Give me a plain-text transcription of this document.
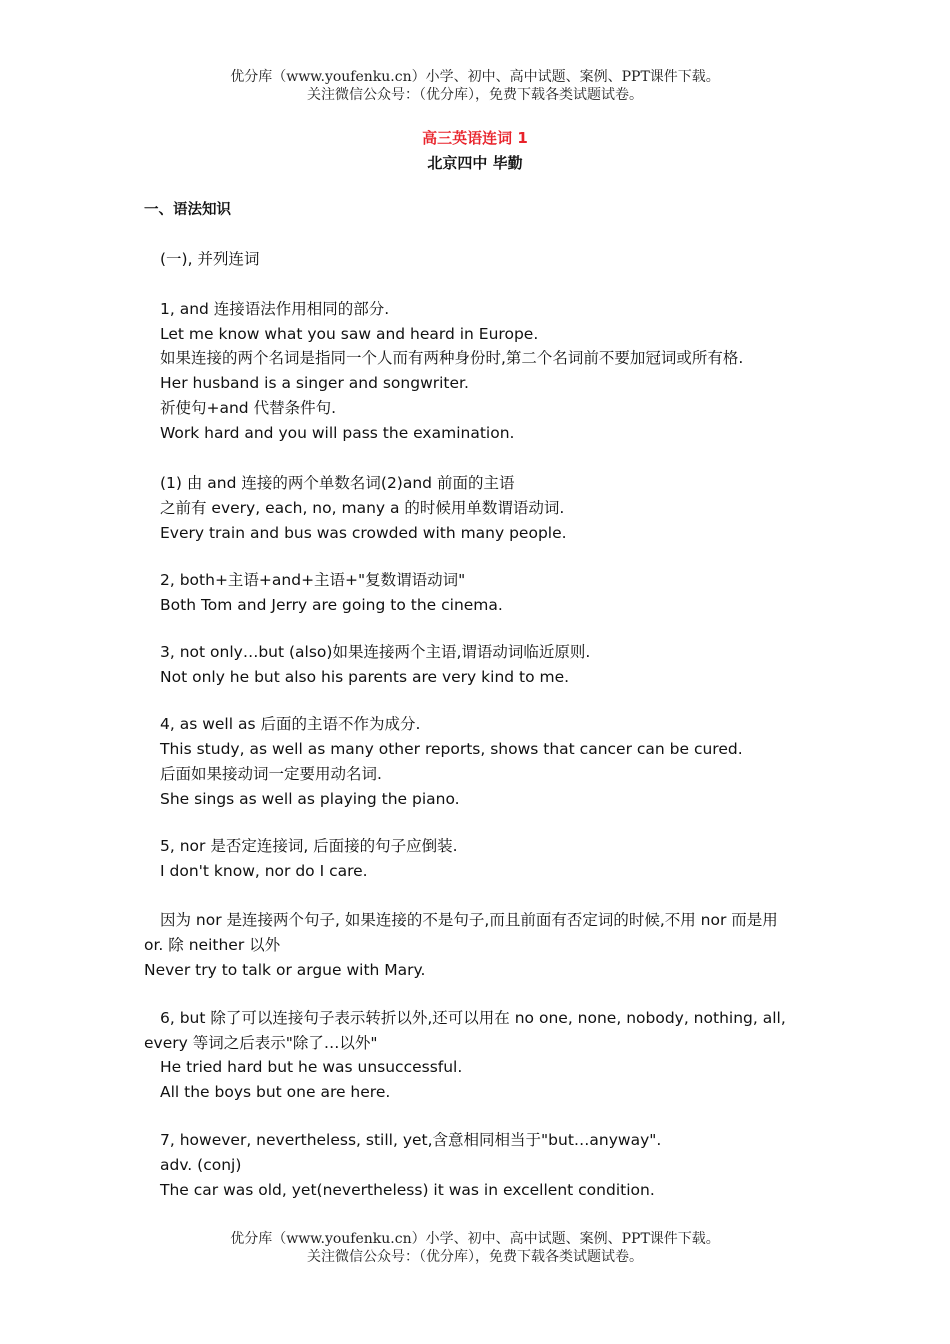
优分库（www.youfenku.cn）小学、初中、高中试题、案例、PPT课件下载。
关注微信公众号：（优分库），免费下载各类试题试卷。
高三英语连词 1
北京四中 毕勤
一、语法知识
(一), 并列连词
1, and 连接语法作用相同的部分.
Let me know what you saw and heard in Europe.
如果连接的两个名词是指同一个人而有两种身份时,第二个名词前不要加冠词或所有格.
Her husband is a singer and songwriter.
祈使句+and 代替条件句.
Work hard and you will pass the examination.
(1) 由 and 连接的两个单数名词(2)and 前面的主语
之前有 every, each, no, many a 的时候用单数谓语动词.
Every train and bus was crowded with many people.
2, both+主语+and+主语+"复数谓语动词"
Both Tom and Jerry are going to the cinema.
3, not only…but (also)如果连接两个主语,谓语动词临近原则.
Not only he but also his parents are very kind to me.
4, as well as 后面的主语不作为成分.
This study, as well as many other reports, shows that cancer can be cured.
后面如果接动词一定要用动名词.
She sings as well as playing the piano.
5, nor 是否定连接词, 后面接的句子应倒装.
I don't know, nor do I care.
因为 nor 是连接两个句子, 如果连接的不是句子,而且前面有否定词的时候,不用 nor 而是用
or. 除 neither 以外
Never try to talk or argue with Mary.
6, but 除了可以连接句子表示转折以外,还可以用在 no one, none, nobody, nothing, all,
every 等词之后表示"除了…以外"
He tried hard but he was unsuccessful.
All the boys but one are here.
7, however, nevertheless, still, yet,含意相同相当于"but…anyway".
adv. (conj)
The car was old, yet(nevertheless) it was in excellent condition.
优分库（www.youfenku.cn）小学、初中、高中试题、案例、PPT课件下载。
关注微信公众号：（优分库），免费下载各类试题试卷。
